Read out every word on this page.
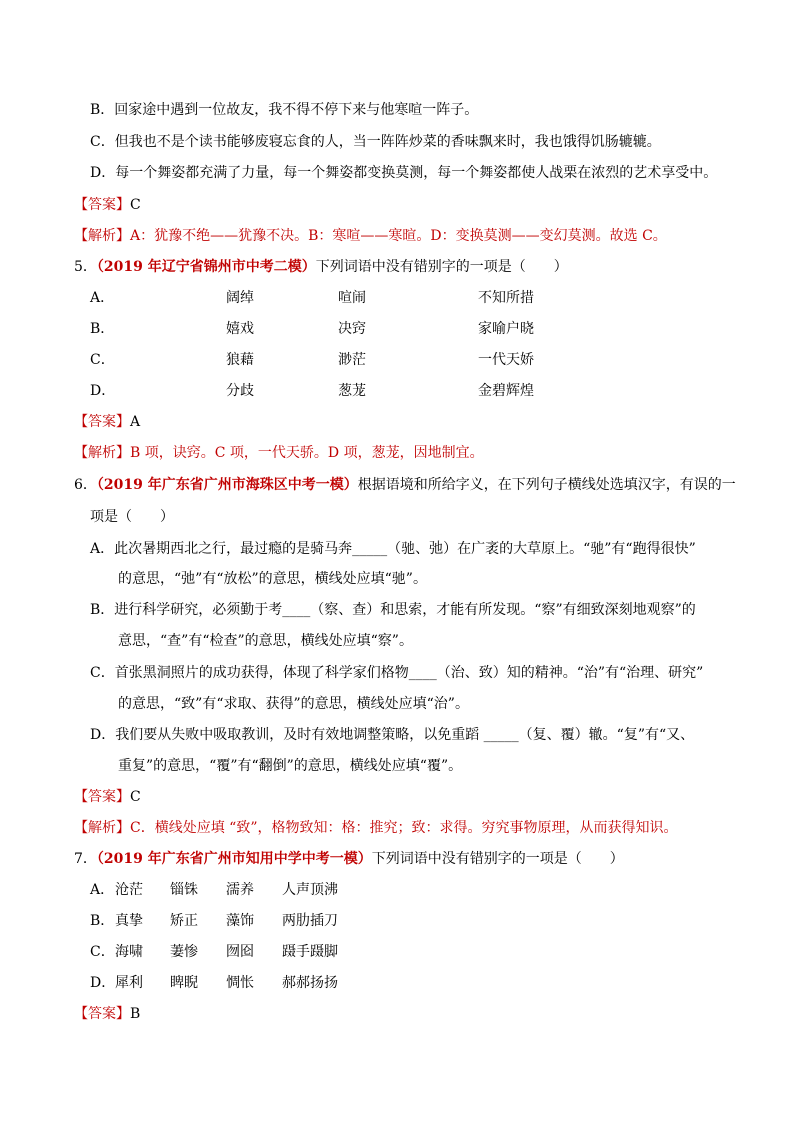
B．回家途中遇到一位故友，我不得不停下来与他寒喧一阵子。
C．但我也不是个读书能够废寝忘食的人，当一阵阵炒菜的香味飘来时，我也饿得饥肠辘辘。
D．每一个舞姿都充满了力量，每一个舞姿都变换莫测，每一个舞姿都使人战栗在浓烈的艺术享受中。
【答案】C
【解析】A：犹豫不绝——犹豫不决。B：寒喧——寒暄。D：变换莫测——变幻莫测。故选 C。
5．（2019 年辽宁省锦州市中考二模）下列词语中没有错别字的一项是（　　）
A．	阔绰	喧闹	不知所措
B．	嬉戏	决窍	家喻户晓
C．	狼藉	渺茫	一代天娇
D．	分歧	葱茏	金碧辉煌
【答案】A
【解析】B 项，诀窍。C 项，一代天骄。D 项，葱茏，因地制宜。
6．（2019 年广东省广州市海珠区中考一模）根据语境和所给字义，在下列句子横线处选填汉字，有误的一
项是（　　）
A．此次暑期西北之行，最过瘾的是骑马奔_____（驰、弛）在广袤的大草原上。“驰”有“跑得很快”
的意思，“弛”有“放松”的意思，横线处应填“驰”。
B．进行科学研究，必须勤于考____（察、查）和思索，才能有所发现。“察”有细致深刻地观察”的
意思，“查”有“检查”的意思，横线处应填“察”。
C．首张黑洞照片的成功获得，体现了科学家们格物____（治、致）知的精神。“治”有“治理、研究”
的意思，“致”有“求取、获得”的意思，横线处应填“治”。
D．我们要从失败中吸取教训，及时有效地调整策略，以免重蹈 _____（复、覆）辙。“复”有“又、
重复”的意思，“覆”有“翻倒”的意思，横线处应填“覆”。
【答案】C
【解析】C．横线处应填 “致”，格物致知：格：推究；致：求得。穷究事物原理，从而获得知识。
7．（2019 年广东省广州市知用中学中考一模）下列词语中没有错别字的一项是（　　）
A． 沧茫 锱铢 濡养 人声顶沸
B． 真挚 矫正 藻饰 两肋插刀
C． 海啸 萋惨 囫囵 蹑手蹑脚
D． 犀利 睥睨 惆怅 郝郝扬扬
【答案】B
